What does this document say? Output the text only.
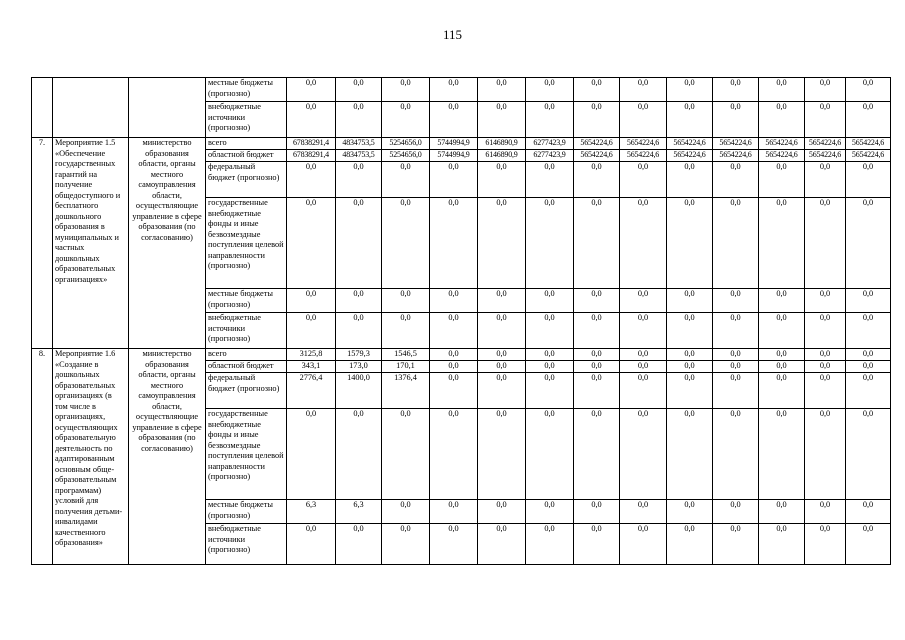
115
			местные бюджеты (прогнозно)	0,0	0,0	0,0	0,0	0,0	0,0	0,0	0,0	0,0	0,0	0,0	0,0	0,0
			внебюджетные источники (прогнозно)	0,0	0,0	0,0	0,0	0,0	0,0	0,0	0,0	0,0	0,0	0,0	0,0	0,0
7.	Мероприятие 1.5 «Обеспечение государственных гарантий на получение общедоступного и бесплатного дошкольного образования в муниципальных и частных дошкольных образовательных организациях»	министерство образования области, органы местного самоуправления области, осуществляющие управление в сфере образования (по согласованию)	всего	67838291,4	4834753,5	5254656,0	5744994,9	6146890,9	6277423,9	5654224,6	5654224,6	5654224,6	5654224,6	5654224,6	5654224,6	5654224,6
			областной бюджет	67838291,4	4834753,5	5254656,0	5744994,9	6146890,9	6277423,9	5654224,6	5654224,6	5654224,6	5654224,6	5654224,6	5654224,6	5654224,6
			федеральный бюджет (прогнозно)	0,0	0,0	0,0	0,0	0,0	0,0	0,0	0,0	0,0	0,0	0,0	0,0	0,0
			государственные внебюджетные фонды и иные безвозмездные поступления целевой направленности (прогнозно)	0,0	0,0	0,0	0,0	0,0	0,0	0,0	0,0	0,0	0,0	0,0	0,0	0,0
			местные бюджеты (прогнозно)	0,0	0,0	0,0	0,0	0,0	0,0	0,0	0,0	0,0	0,0	0,0	0,0	0,0
			внебюджетные источники (прогнозно)	0,0	0,0	0,0	0,0	0,0	0,0	0,0	0,0	0,0	0,0	0,0	0,0	0,0
8.	Мероприятие 1.6 «Создание в дошкольных образовательных организациях (в том числе в организациях, осуществляющих образовательную деятельность по адаптированным основным обще-образовательным программам) условий для получения детьми-инвалидами качественного образования»	министерство образования области, органы местного самоуправления области, осуществляющие управление в сфере образования (по согласованию)	всего	3125,8	1579,3	1546,5	0,0	0,0	0,0	0,0	0,0	0,0	0,0	0,0	0,0	0,0
			областной бюджет	343,1	173,0	170,1	0,0	0,0	0,0	0,0	0,0	0,0	0,0	0,0	0,0	0,0
			федеральный бюджет (прогнозно)	2776,4	1400,0	1376,4	0,0	0,0	0,0	0,0	0,0	0,0	0,0	0,0	0,0	0,0
			государственные внебюджетные фонды и иные безвозмездные поступления целевой направленности (прогнозно)	0,0	0,0	0,0	0,0	0,0	0,0	0,0	0,0	0,0	0,0	0,0	0,0	0,0
			местные бюджеты (прогнозно)	6,3	6,3	0,0	0,0	0,0	0,0	0,0	0,0	0,0	0,0	0,0	0,0	0,0
			внебюджетные источники (прогнозно)	0,0	0,0	0,0	0,0	0,0	0,0	0,0	0,0	0,0	0,0	0,0	0,0	0,0
